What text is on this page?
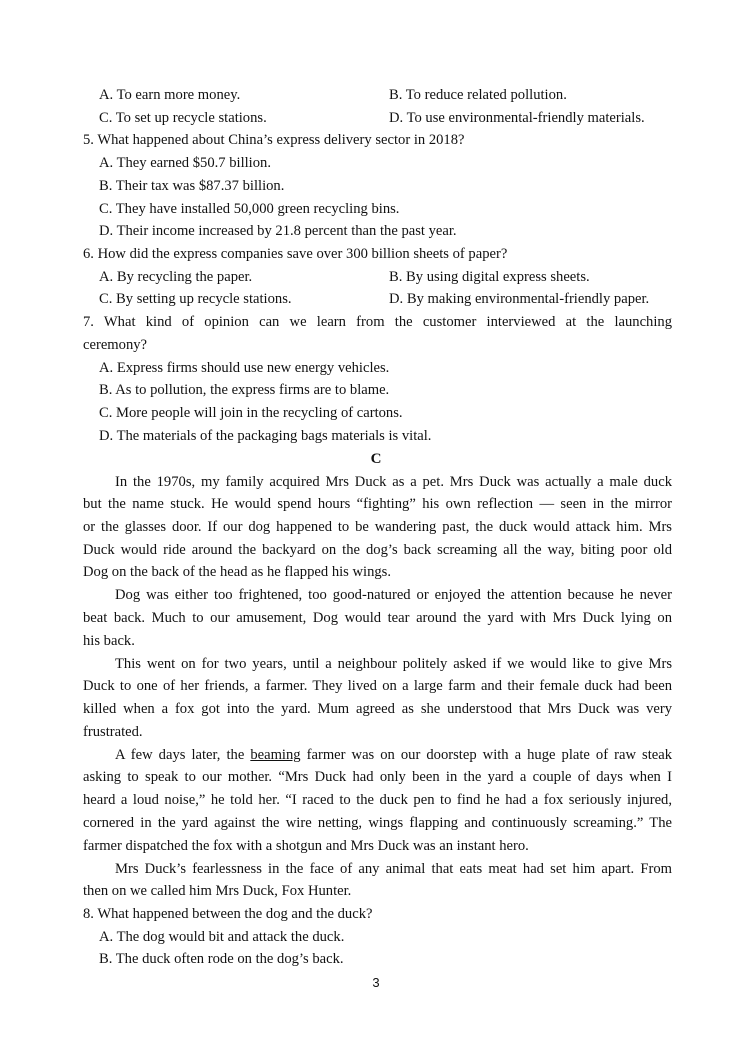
A. To earn more money.	B. To reduce related pollution.
C. To set up recycle stations.	D. To use environmental-friendly materials.
5. What happened about China’s express delivery sector in 2018?
A. They earned $50.7 billion.
B. Their tax was $87.37 billion.
C. They have installed 50,000 green recycling bins.
D. Their income increased by 21.8 percent than the past year.
6. How did the express companies save over 300 billion sheets of paper?
A. By recycling the paper.	B. By using digital express sheets.
C. By setting up recycle stations.	D. By making environmental-friendly paper.
7. What kind of opinion can we learn from the customer interviewed at the launching
ceremony?
A. Express firms should use new energy vehicles.
B. As to pollution, the express firms are to blame.
C. More people will join in the recycling of cartons.
D. The materials of the packaging bags materials is vital.
C
In the 1970s, my family acquired Mrs Duck as a pet. Mrs Duck was actually a male duck
but the name stuck. He would spend hours “fighting” his own reflection — seen in the mirror
or the glasses door. If our dog happened to be wandering past, the duck would attack him. Mrs
Duck would ride around the backyard on the dog’s back screaming all the way, biting poor old
Dog on the back of the head as he flapped his wings.
Dog was either too frightened, too good-natured or enjoyed the attention because he never
beat back. Much to our amusement, Dog would tear around the yard with Mrs Duck lying on
his back.
This went on for two years, until a neighbour politely asked if we would like to give Mrs
Duck to one of her friends, a farmer. They lived on a large farm and their female duck had been
killed when a fox got into the yard. Mum agreed as she understood that Mrs Duck was very
frustrated.
A few days later, the beaming farmer was on our doorstep with a huge plate of raw steak
asking to speak to our mother. “Mrs Duck had only been in the yard a couple of days when I
heard a loud noise,” he told her. “I raced to the duck pen to find he had a fox seriously injured,
cornered in the yard against the wire netting, wings flapping and continuously screaming.” The
farmer dispatched the fox with a shotgun and Mrs Duck was an instant hero.
Mrs Duck’s fearlessness in the face of any animal that eats meat had set him apart. From
then on we called him Mrs Duck, Fox Hunter.
8. What happened between the dog and the duck?
A. The dog would bit and attack the duck.
B. The duck often rode on the dog’s back.
3
